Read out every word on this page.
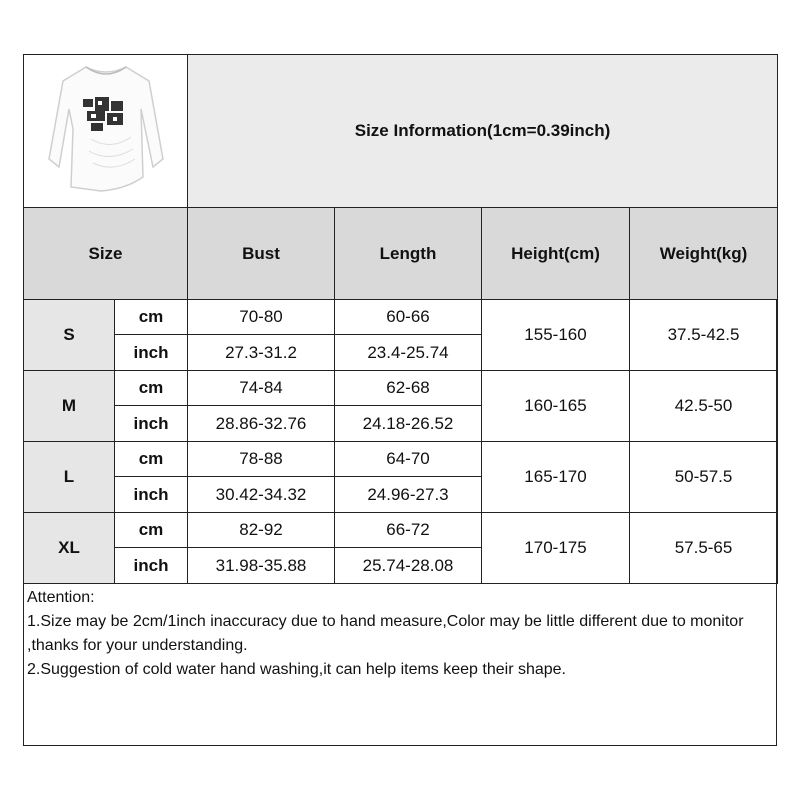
	Size Information(1cm=0.39inch)			
Size		Bust	Length	Height(cm)	Weight(kg)
S	cm	70-80	60-66	155-160	37.5-42.5
	inch	27.3-31.2	23.4-25.74		
M	cm	74-84	62-68	160-165	42.5-50
	inch	28.86-32.76	24.18-26.52		
L	cm	78-88	64-70	165-170	50-57.5
	inch	30.42-34.32	24.96-27.3		
XL	cm	82-92	66-72	170-175	57.5-65
	inch	31.98-35.88	25.74-28.08		
Attention:
1.Size may be 2cm/1inch inaccuracy due to hand measure,Color may be little different due to monitor ,thanks for your understanding.
2.Suggestion of cold water hand washing,it can help items keep their shape.
